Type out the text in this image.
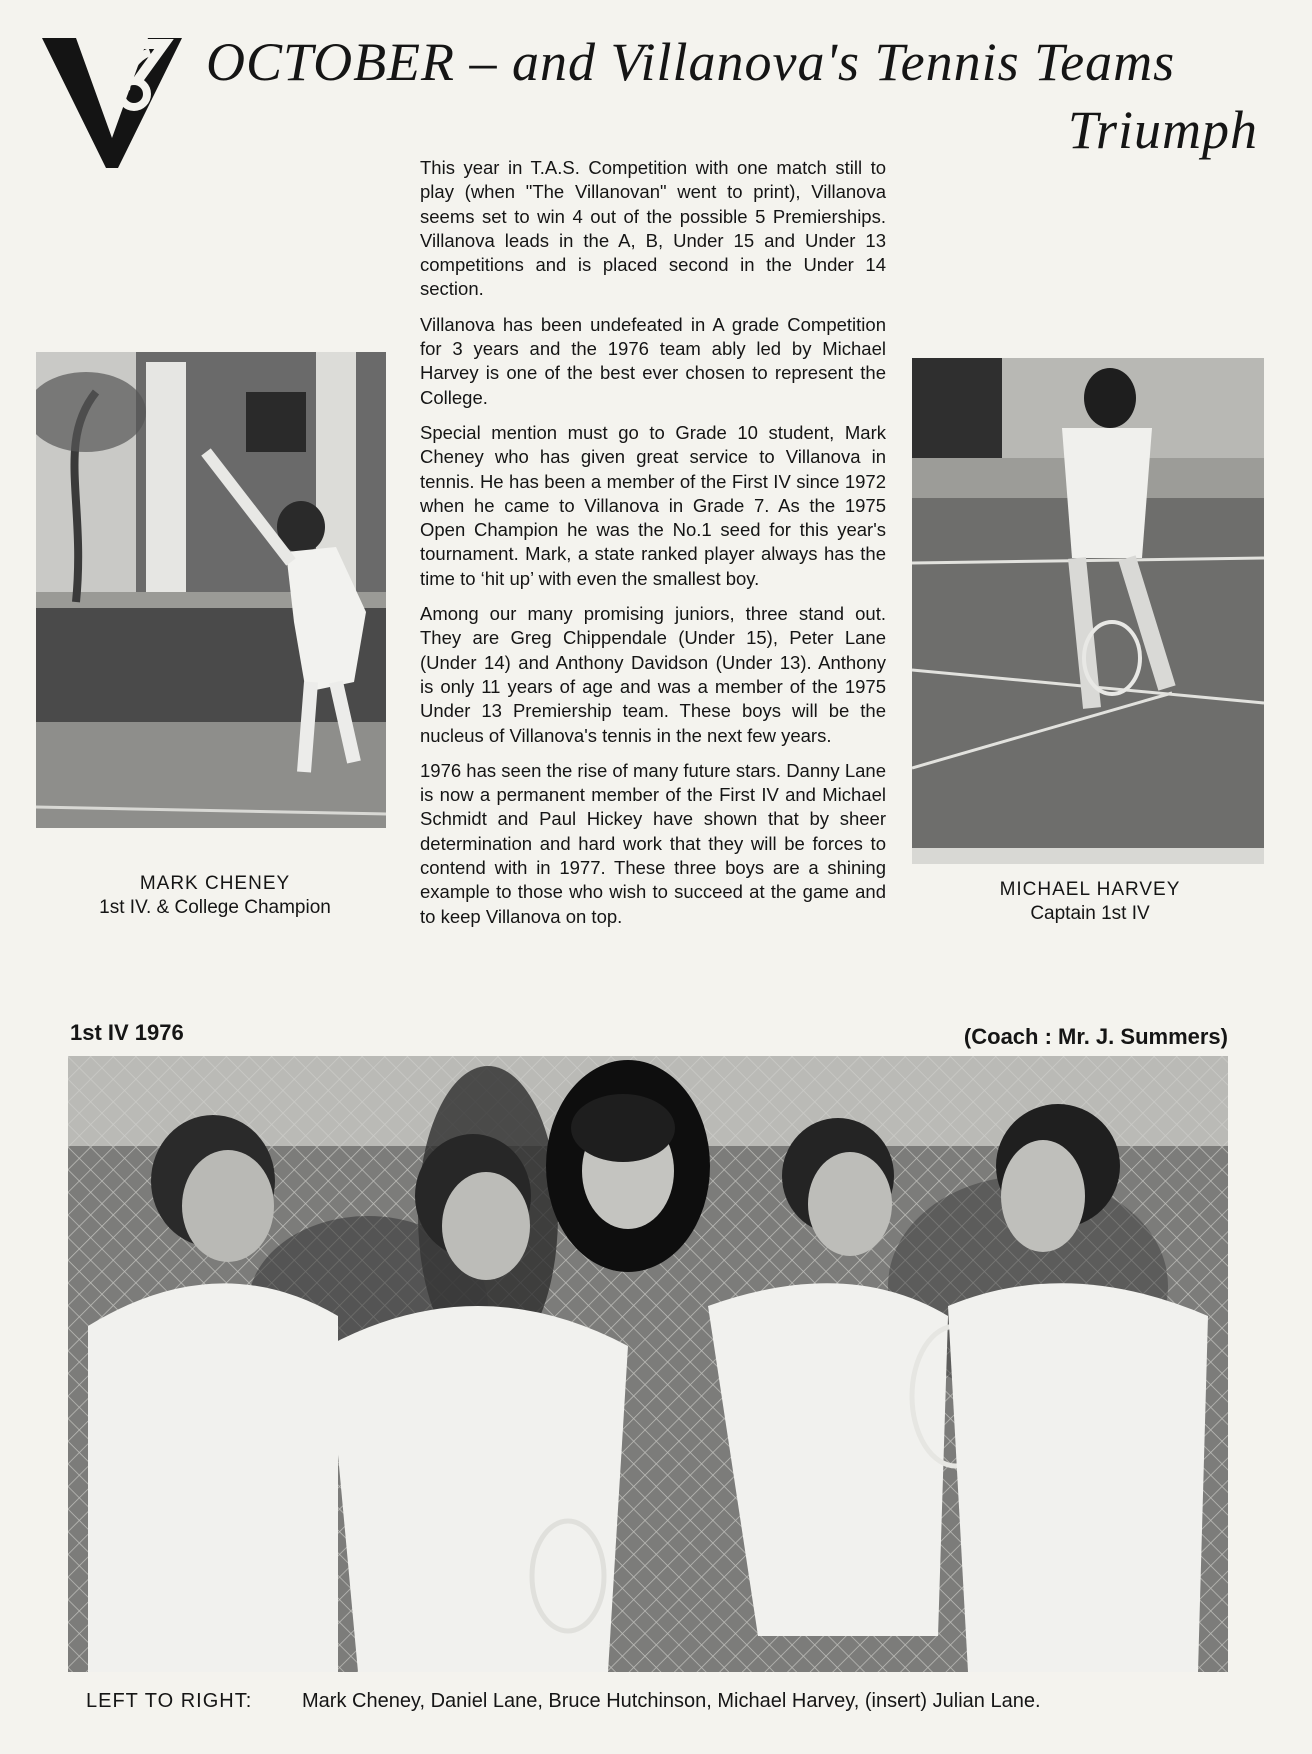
OCTOBER – and Villanova's Tennis Teams
Triumph

This year in T.A.S. Competition with one match still to play (when "The Villanovan" went to print), Villanova seems set to win 4 out of the possible 5 Premierships. Villanova leads in the A, B, Under 15 and Under 13 competitions and is placed second in the Under 14 section.

Villanova has been undefeated in A grade Competition for 3 years and the 1976 team ably led by Michael Harvey is one of the best ever chosen to represent the College.

Special mention must go to Grade 10 student, Mark Cheney who has given great service to Villanova in tennis. He has been a member of the First IV since 1972 when he came to Villanova in Grade 7. As the 1975 Open Champion he was the No.1 seed for this year's tournament. Mark, a state ranked player always has the time to ‘hit up’ with even the smallest boy.

Among our many promising juniors, three stand out. They are Greg Chippendale (Under 15), Peter Lane (Under 14) and Anthony Davidson (Under 13). Anthony is only 11 years of age and was a member of the 1975 Under 13 Premiership team. These boys will be the nucleus of Villanova's tennis in the next few years.

1976 has seen the rise of many future stars. Danny Lane is now a permanent member of the First IV and Michael Schmidt and Paul Hickey have shown that by sheer determination and hard work that they will be forces to contend with in 1977. These three boys are a shining example to those who wish to succeed at the game and to keep Villanova on top.

MARK CHENEY
1st IV. & College Champion
MICHAEL HARVEY
Captain 1st IV
1st IV 1976	(Coach : Mr. J. Summers)
LEFT TO RIGHT: Mark Cheney, Daniel Lane, Bruce Hutchinson, Michael Harvey, (insert) Julian Lane.
